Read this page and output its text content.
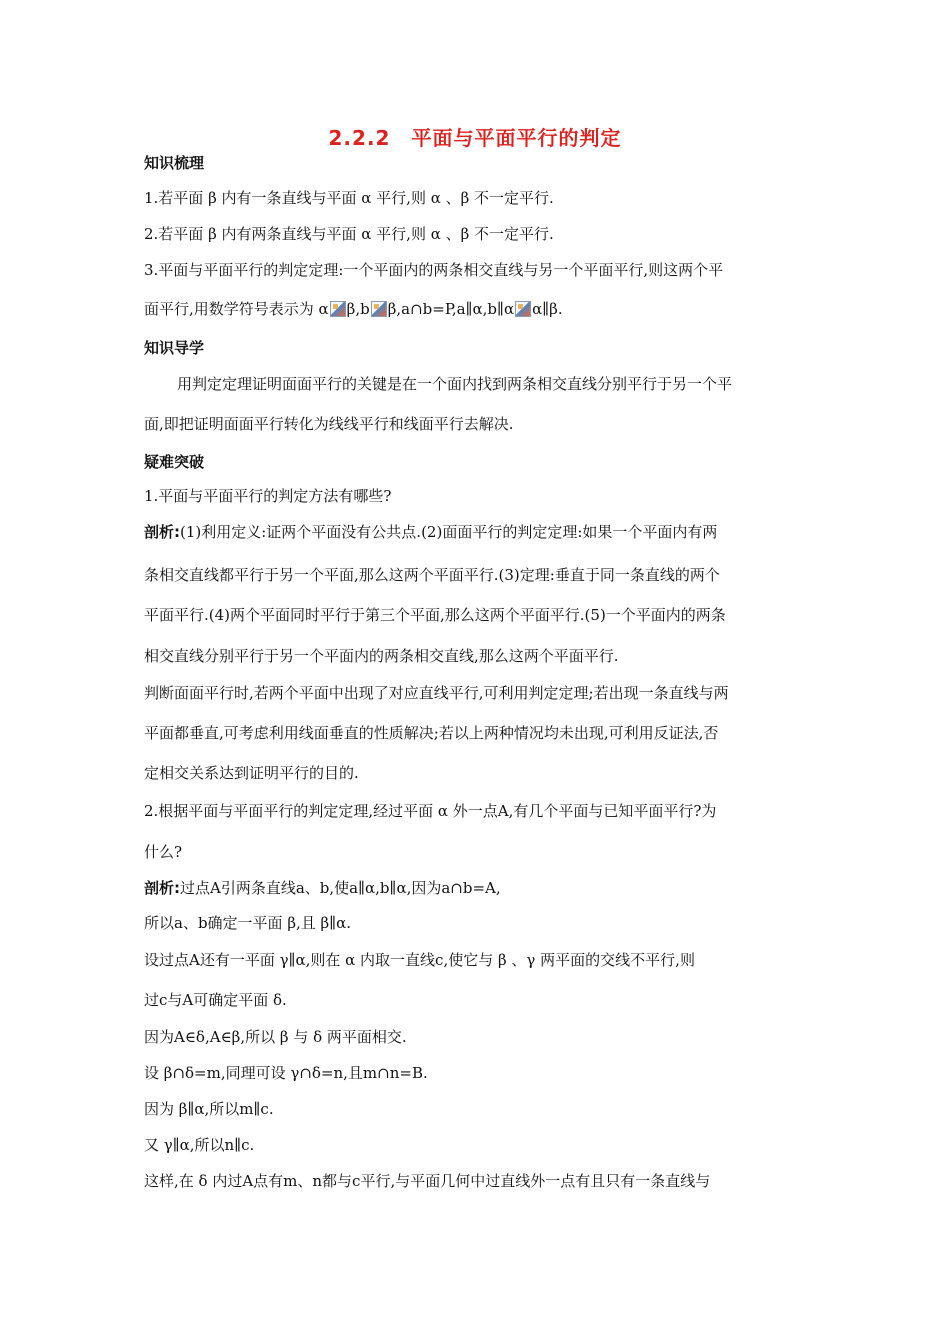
2.2.2　平面与平面平行的判定
知识梳理
1.若平面 β 内有一条直线与平面 α 平行,则 α 、β 不一定平行.
2.若平面 β 内有两条直线与平面 α 平行,则 α 、β 不一定平行.
3.平面与平面平行的判定定理:一个平面内的两条相交直线与另一个平面平行,则这两个平
面平行,用数学符号表示为 α β,b β,a∩b=P,a∥α,b∥α α∥β.
知识导学
用判定定理证明面面平行的关键是在一个面内找到两条相交直线分别平行于另一个平
面,即把证明面面平行转化为线线平行和线面平行去解决.
疑难突破
1.平面与平面平行的判定方法有哪些?
剖析:(1)利用定义:证两个平面没有公共点.(2)面面平行的判定定理:如果一个平面内有两
条相交直线都平行于另一个平面,那么这两个平面平行.(3)定理:垂直于同一条直线的两个
平面平行.(4)两个平面同时平行于第三个平面,那么这两个平面平行.(5)一个平面内的两条
相交直线分别平行于另一个平面内的两条相交直线,那么这两个平面平行.
判断面面平行时,若两个平面中出现了对应直线平行,可利用判定定理;若出现一条直线与两
平面都垂直,可考虑利用线面垂直的性质解决;若以上两种情况均未出现,可利用反证法,否
定相交关系达到证明平行的目的.
2.根据平面与平面平行的判定定理,经过平面 α 外一点A,有几个平面与已知平面平行?为
什么?
剖析:过点A引两条直线a、b,使a∥α,b∥α,因为a∩b=A,
所以a、b确定一平面 β,且 β∥α.
设过点A还有一平面 γ∥α,则在 α 内取一直线c,使它与 β 、γ 两平面的交线不平行,则
过c与A可确定平面 δ.
因为A∈δ,A∈β,所以 β 与 δ 两平面相交.
设 β∩δ=m,同理可设 γ∩δ=n,且m∩n=B.
因为 β∥α,所以m∥c.
又 γ∥α,所以n∥c.
这样,在 δ 内过A点有m、n都与c平行,与平面几何中过直线外一点有且只有一条直线与
